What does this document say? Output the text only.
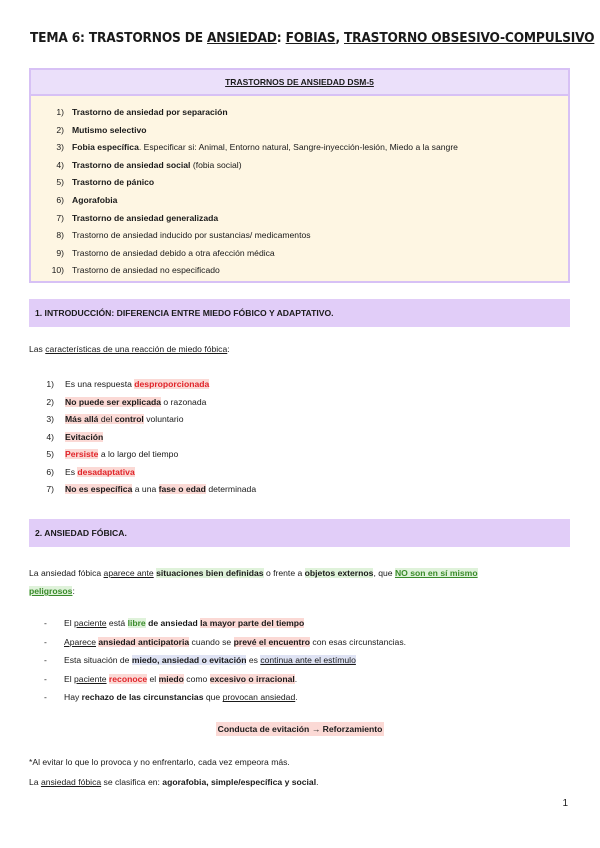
TEMA 6: TRASTORNOS DE ANSIEDAD: FOBIAS, TRASTORNO OBSESIVO-COMPULSIVO
TRASTORNOS DE ANSIEDAD DSM-5
1) Trastorno de ansiedad por separación
2) Mutismo selectivo
3) Fobia específica. Especificar si: Animal, Entorno natural, Sangre-inyección-lesión, Miedo a la sangre
4) Trastorno de ansiedad social (fobia social)
5) Trastorno de pánico
6) Agorafobia
7) Trastorno de ansiedad generalizada
8) Trastorno de ansiedad inducido por sustancias/ medicamentos
9) Trastorno de ansiedad debido a otra afección médica
10) Trastorno de ansiedad no especificado
1. INTRODUCCIÓN: DIFERENCIA ENTRE MIEDO FÓBICO Y ADAPTATIVO.
Las características de una reacción de miedo fóbica:
1) Es una respuesta desproporcionada
2) No puede ser explicada o razonada
3) Más allá del control voluntario
4) Evitación
5) Persiste a lo largo del tiempo
6) Es desadaptativa
7) No es específica a una fase o edad determinada
2. ANSIEDAD FÓBICA.
La ansiedad fóbica aparece ante situaciones bien definidas o frente a objetos externos, que NO son en sí mismo
peligrosos:
- El paciente está libre de ansiedad la mayor parte del tiempo
- Aparece ansiedad anticipatoria cuando se prevé el encuentro con esas circunstancias.
- Esta situación de miedo, ansiedad o evitación es continua ante el estímulo
- El paciente reconoce el miedo como excesivo o irracional.
- Hay rechazo de las circunstancias que provocan ansiedad.
Conducta de evitación → Reforzamiento
*Al evitar lo que lo provoca y no enfrentarlo, cada vez empeora más.
La ansiedad fóbica se clasifica en: agorafobia, simple/específica y social.
1
